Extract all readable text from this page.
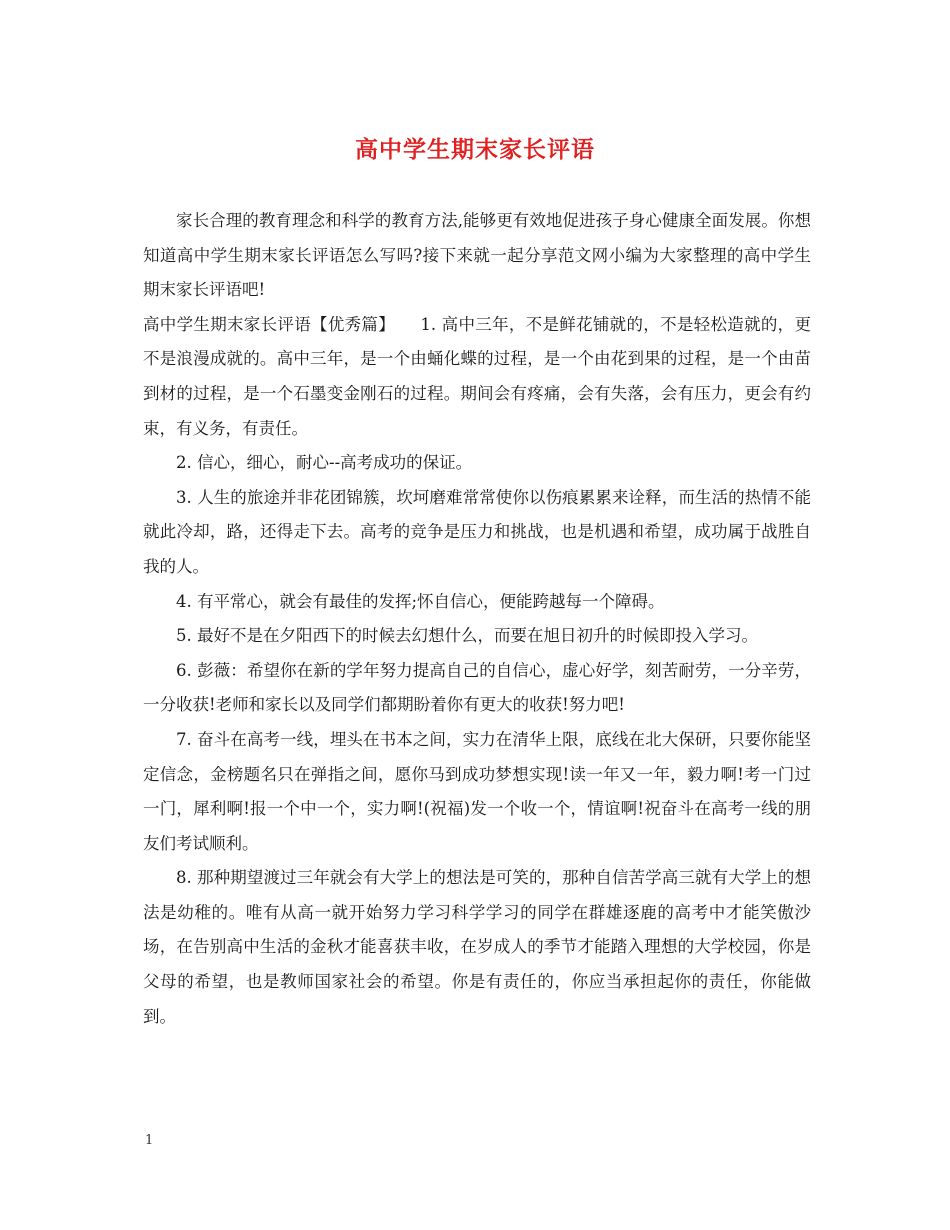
高中学生期末家长评语

家长合理的教育理念和科学的教育方法,能够更有效地促进孩子身心健康全面发展。你想知道高中学生期末家长评语怎么写吗?接下来就一起分享范文网小编为大家整理的高中学生期末家长评语吧!

高中学生期末家长评语【优秀篇】　　1. 高中三年，不是鲜花铺就的，不是轻松造就的，更不是浪漫成就的。高中三年，是一个由蛹化蝶的过程，是一个由花到果的过程，是一个由苗到材的过程，是一个石墨变金刚石的过程。期间会有疼痛，会有失落，会有压力，更会有约束，有义务，有责任。

2. 信心，细心，耐心--高考成功的保证。

3. 人生的旅途并非花团锦簇，坎坷磨难常常使你以伤痕累累来诠释，而生活的热情不能就此冷却，路，还得走下去。高考的竞争是压力和挑战，也是机遇和希望，成功属于战胜自我的人。

4. 有平常心，就会有最佳的发挥;怀自信心，便能跨越每一个障碍。

5. 最好不是在夕阳西下的时候去幻想什么，而要在旭日初升的时候即投入学习。

6. 彭薇：希望你在新的学年努力提高自己的自信心，虚心好学，刻苦耐劳，一分辛劳，一分收获!老师和家长以及同学们都期盼着你有更大的收获!努力吧!

7. 奋斗在高考一线，埋头在书本之间，实力在清华上限，底线在北大保研，只要你能坚定信念，金榜题名只在弹指之间，愿你马到成功梦想实现!读一年又一年，毅力啊!考一门过一门，犀利啊!报一个中一个，实力啊!(祝福)发一个收一个，情谊啊!祝奋斗在高考一线的朋友们考试顺利。

8. 那种期望渡过三年就会有大学上的想法是可笑的，那种自信苦学高三就有大学上的想法是幼稚的。唯有从高一就开始努力学习科学学习的同学在群雄逐鹿的高考中才能笑傲沙场，在告别高中生活的金秋才能喜获丰收，在岁成人的季节才能踏入理想的大学校园，你是父母的希望，也是教师国家社会的希望。你是有责任的，你应当承担起你的责任，你能做到。

1
